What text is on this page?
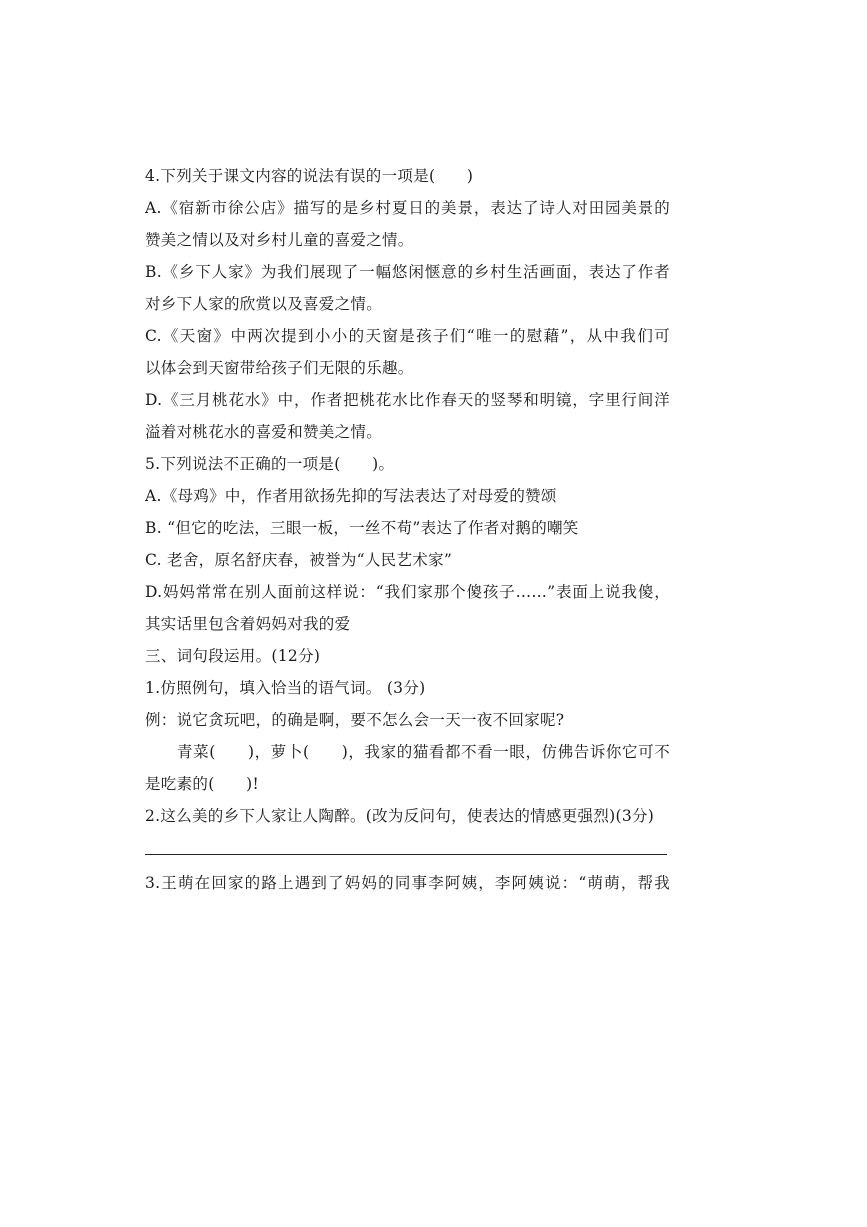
4.下列关于课文内容的说法有误的一项是(　　)
A.《宿新市徐公店》描写的是乡村夏日的美景，表达了诗人对田园美景的
赞美之情以及对乡村儿童的喜爱之情。
B.《乡下人家》为我们展现了一幅悠闲惬意的乡村生活画面，表达了作者
对乡下人家的欣赏以及喜爱之情。
C.《天窗》中两次提到小小的天窗是孩子们“唯一的慰藉”，从中我们可
以体会到天窗带给孩子们无限的乐趣。
D.《三月桃花水》中，作者把桃花水比作春天的竖琴和明镜，字里行间洋
溢着对桃花水的喜爱和赞美之情。
5.下列说法不正确的一项是(　　)。
A.《母鸡》中，作者用欲扬先抑的写法表达了对母爱的赞颂
B. “但它的吃法，三眼一板，一丝不苟”表达了作者对鹅的嘲笑
C. 老舍，原名舒庆春，被誉为“人民艺术家”
D.妈妈常常在别人面前这样说：“我们家那个傻孩子……”表面上说我傻，
其实话里包含着妈妈对我的爱
三、词句段运用。(12分)
1.仿照例句，填入恰当的语气词。 (3分)
例：说它贪玩吧，的确是啊，要不怎么会一天一夜不回家呢?
青菜(　　)，萝卜(　　)，我家的猫看都不看一眼，仿佛告诉你它可不
是吃素的(　　)!
2.这么美的乡下人家让人陶醉。(改为反问句，使表达的情感更强烈)(3分)
3.王萌在回家的路上遇到了妈妈的同事李阿姨，李阿姨说：“萌萌，帮我
